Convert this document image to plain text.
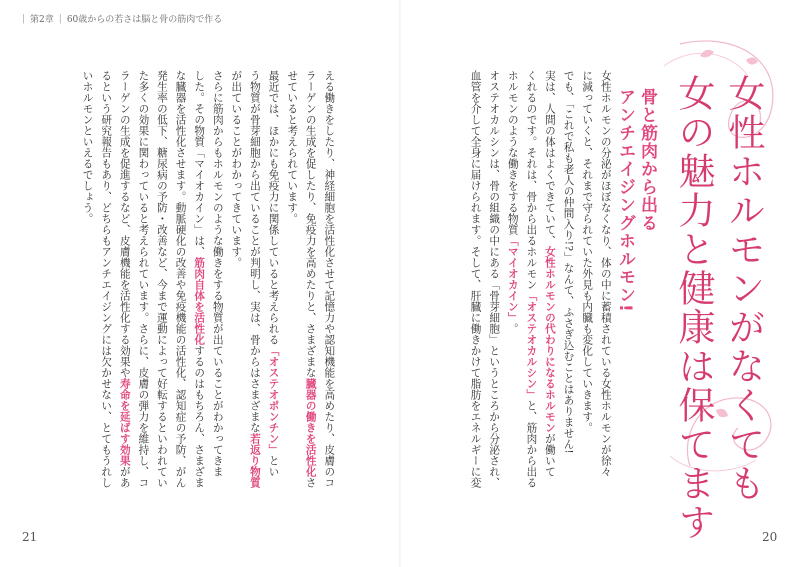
| 第2章 | 60歳からの若さは脳と骨の筋肉で作る
える働きをしたり、神経細胞を活性化させて記憶力や認知機能を高めたり、皮膚のコ
ラーゲンの生成を促したり、免疫力を高めたりと、さまざまな臓器の働きを活性化さ
せていると考えられています。
最近では、ほかにも免疫力に関係していると考えられる「オステオポンチン」とい
う物質が骨芽細胞から出ていることが判明し、実は、骨からはさまざまな若返り物質
が出ていることがわかってきています。
さらに筋肉からもホルモンのような働きをする物質が出ていることがわかってきま
した。その物質「マイオカイン」は、筋肉自体を活性化するのはもちろん、さまざま
な臓器を活性化させます。動脈硬化の改善や免疫機能の活性化、認知症の予防、がん
発生率の低下、糖尿病の予防・改善など、今まで運動によって好転するといわれてい
た多くの効果に関わっていると考えられています。さらに、皮膚の弾力を維持し、コ
ラーゲンの生成を促進するなど、皮膚機能を活性化する効果や寿命を延ばす効果があ
るという研究報告もあり、どちらもアンチエイジングには欠かせない、とてもうれし
いホルモンといえるでしょう。	女性ホルモンの分泌がほぼなくなり、体の中に蓄積されている女性ホルモンが徐々
に減っていくと、それまで守られていた外見も内臓も変化していきます。
でも、「これで私も老人の仲間入り!?」なんて、ふさぎ込むことはありません!
実は、人間の体はよくできていて、女性ホルモンの代わりになるホルモンが働いて
くれるのです。それは、骨から出るホルモン「オステオカルシン」と、筋肉から出る
ホルモンのような働きをする物質「マイオカイン」。
オステオカルシンは、骨の組織の中にある「骨芽細胞」というところから分泌され、
血管を介して全身に届けられます。そして、肝臓に働きかけて脂肪をエネルギーに変	骨と筋肉から出る
アンチエイジングホルモン! 女性ホルモンがなくても
女の魅力と健康は保てます
21	20
